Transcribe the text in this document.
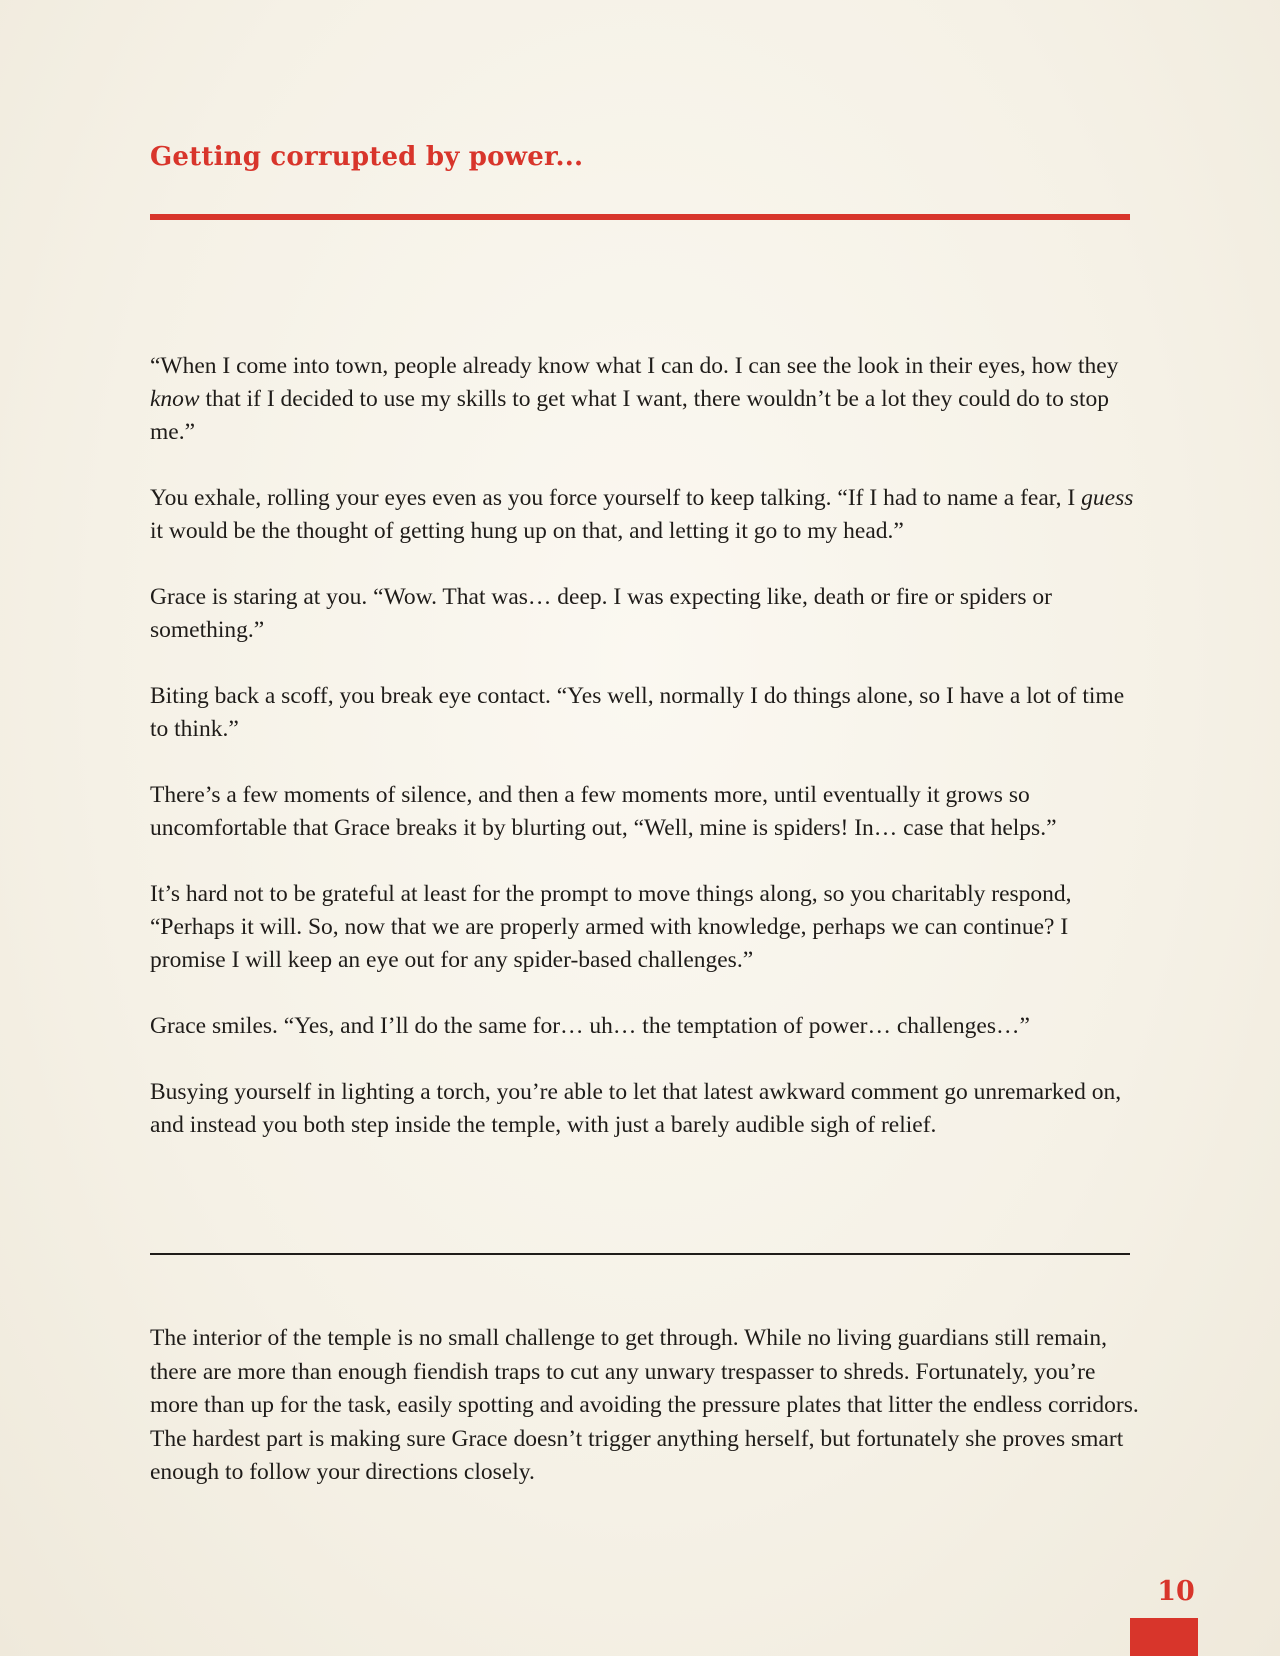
Getting corrupted by power...

“When I come into town, people already know what I can do. I can see the look in their eyes, how they know that if I decided to use my skills to get what I want, there wouldn’t be a lot they could do to stop me.”

You exhale, rolling your eyes even as you force yourself to keep talking. “If I had to name a fear, I guess it would be the thought of getting hung up on that, and letting it go to my head.”

Grace is staring at you. “Wow. That was… deep. I was expecting like, death or fire or spiders or something.”

Biting back a scoff, you break eye contact. “Yes well, normally I do things alone, so I have a lot of time to think.”

There’s a few moments of silence, and then a few moments more, until eventually it grows so uncomfortable that Grace breaks it by blurting out, “Well, mine is spiders! In… case that helps.”

It’s hard not to be grateful at least for the prompt to move things along, so you charitably respond, “Perhaps it will. So, now that we are properly armed with knowledge, perhaps we can continue? I promise I will keep an eye out for any spider-based challenges.”

Grace smiles. “Yes, and I’ll do the same for… uh… the temptation of power… challenges…”

Busying yourself in lighting a torch, you’re able to let that latest awkward comment go unremarked on, and instead you both step inside the temple, with just a barely audible sigh of relief.

The interior of the temple is no small challenge to get through. While no living guardians still remain, there are more than enough fiendish traps to cut any unwary trespasser to shreds. Fortunately, you’re more than up for the task, easily spotting and avoiding the pressure plates that litter the endless corridors. The hardest part is making sure Grace doesn’t trigger anything herself, but fortunately she proves smart enough to follow your directions closely.

10
